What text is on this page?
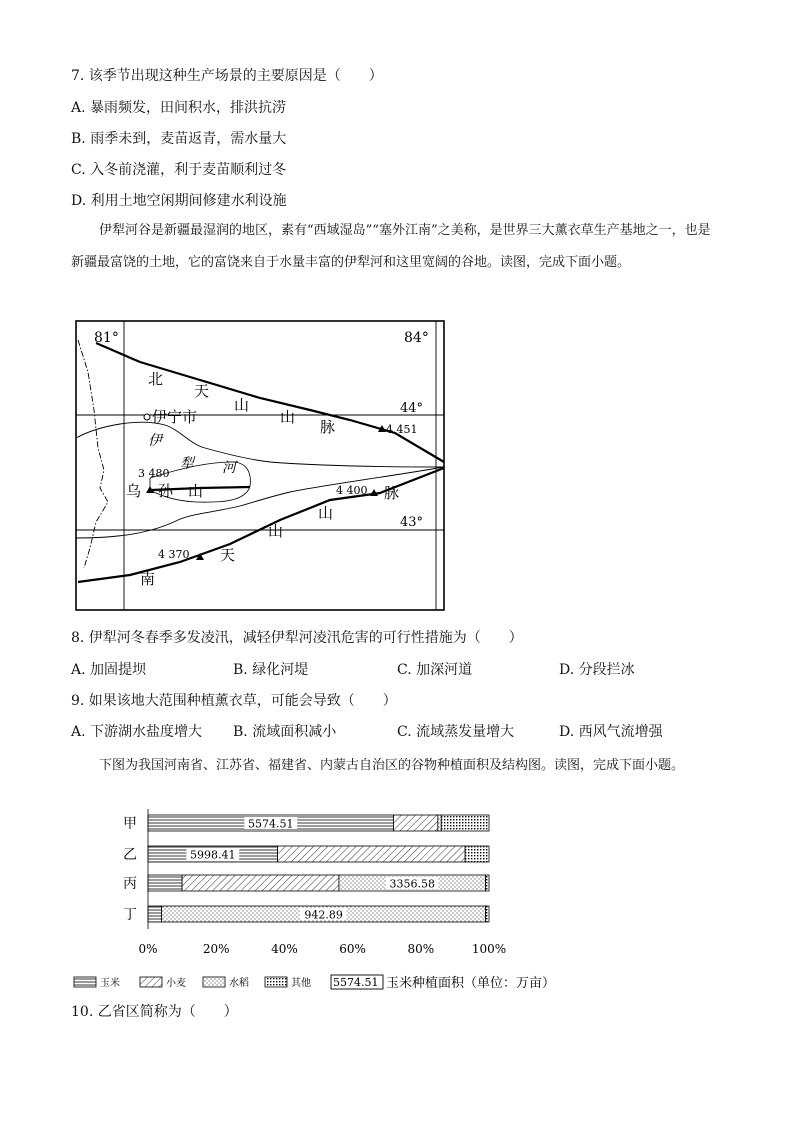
7. 该季节出现这种生产场景的主要原因是（　　）
A. 暴雨频发，田间积水，排洪抗涝
B. 雨季未到，麦苗返青，需水量大
C. 入冬前浇灌，利于麦苗顺利过冬
D. 利用土地空闲期间修建水利设施
伊犁河谷是新疆最湿润的地区，素有“西域湿岛”“塞外江南”之美称，是世界三大薰衣草生产基地之一，也是新疆最富饶的土地，它的富饶来自于水量丰富的伊犁河和这里宽阔的谷地。读图，完成下面小题。
81°	84°
44°
43°
伊宁市
伊
犁 河
北
天
山
山
脉	4 451
3 480
乌 孙 山	4 400 脉
山
山
天
南
4 370
8. 伊犁河冬春季多发凌汛，减轻伊犁河凌汛危害的可行性措施为（　　）
A. 加固提坝	B. 绿化河堤	C. 加深河道	D. 分段拦冰
9. 如果该地大范围种植薰衣草，可能会导致（　　）
A. 下游湖水盐度增大 B. 流域面积减小	C. 流域蒸发量增大	D. 西风气流增强
下图为我国河南省、江苏省、福建省、内蒙古自治区的谷物种植面积及结构图。读图，完成下面小题。
甲
乙
丙
丁
5574.51
5998.41
3356.58
942.89
0%	20%	40%	60%	80%	100%
玉米	小麦	水稻	其他 5574.51 玉米种植面积（单位：万亩）
10. 乙省区简称为（　　）
